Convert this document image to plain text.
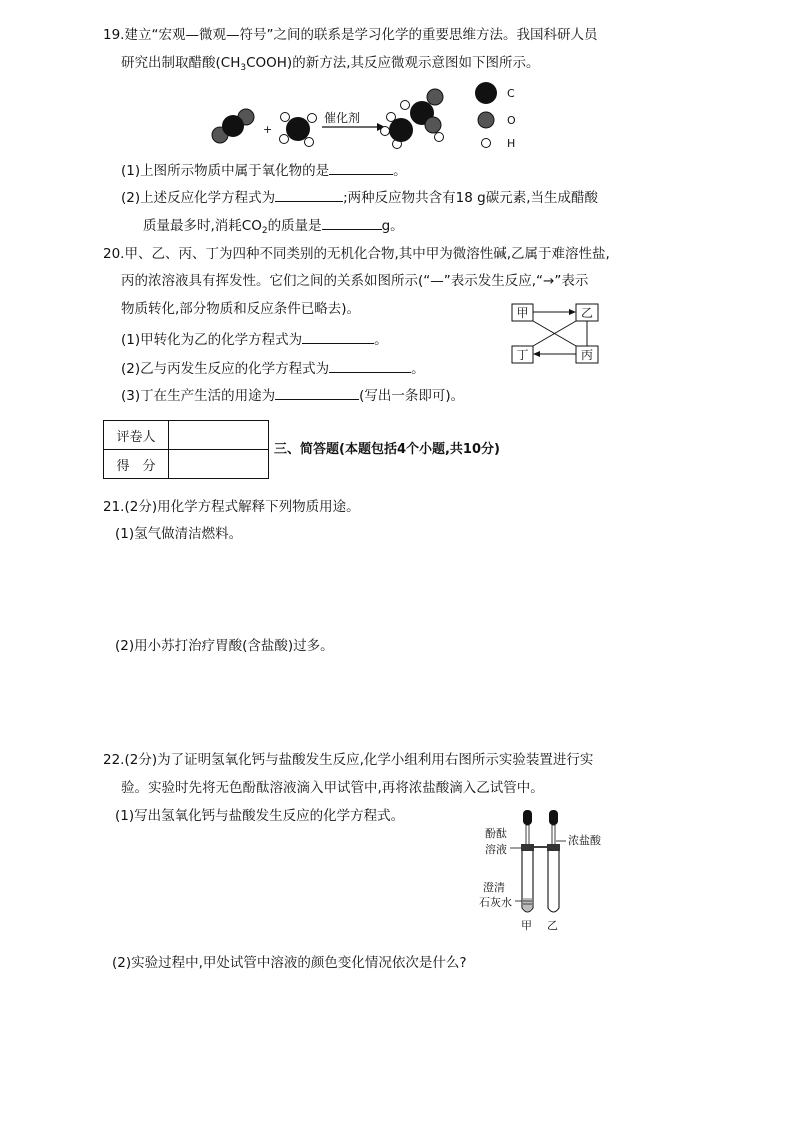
19.建立“宏观—微观—符号”之间的联系是学习化学的重要思维方法。我国科研人员
研究出制取醋酸$(CH_3COOH)$的新方法,其反应微观示意图如下图所示。
+
催化剂
C
O
H
(1)上图所示物质中属于氧化物的是	。
(2)上述反应化学方程式为	;两种反应物共含有18 g碳元素,当生成醋酸
质量最多时,消耗$CO_2$的质量是	g。
20.甲、乙、丙、丁为四种不同类别的无机化合物,其中甲为微溶性碱,乙属于难溶性盐,
丙的浓溶液具有挥发性。它们之间的关系如图所示(“—”表示发生反应,“→”表示
物质转化,部分物质和反应条件已略去)。	甲	乙
丁	丙
(1)甲转化为乙的化学方程式为	。
(2)乙与丙发生反应的化学方程式为	。
(3)丁在生产生活的用途为	(写出一条即可)。
评卷人	
得　分	
三、简答题(本题包括4个小题,共10分)
21.(2分)用化学方程式解释下列物质用途。
(1)氢气做清洁燃料。
(2)用小苏打治疗胃酸(含盐酸)过多。
22.(2分)为了证明氢氧化钙与盐酸发生反应,化学小组利用右图所示实验装置进行实
验。实验时先将无色酚酞溶液滴入甲试管中,再将浓盐酸滴入乙试管中。
(1)写出氢氧化钙与盐酸发生反应的化学方程式。
酚酞
溶液
浓盐酸
澄清
石灰水
甲 乙
(2)实验过程中,甲处试管中溶液的颜色变化情况依次是什么?
